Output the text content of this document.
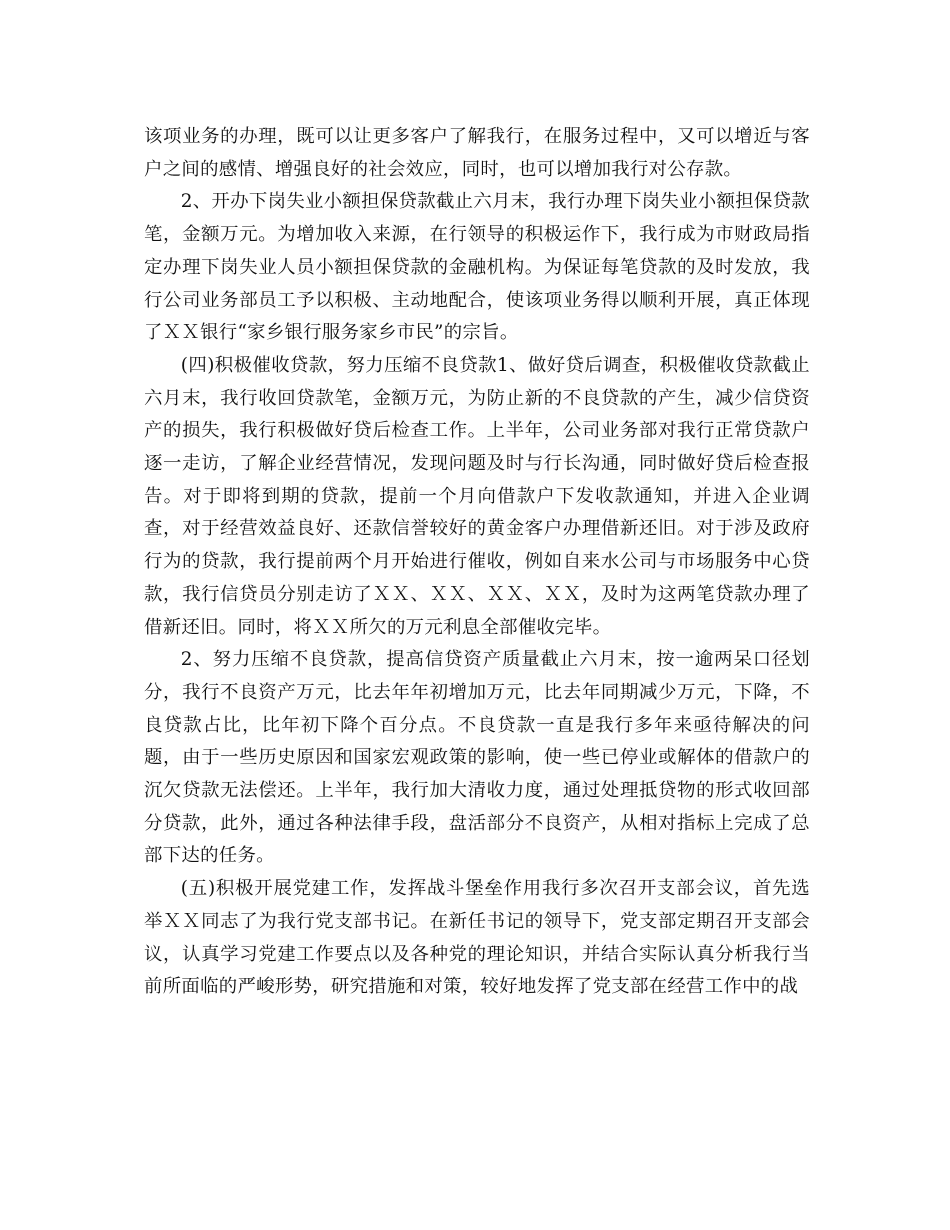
该项业务的办理，既可以让更多客户了解我行，在服务过程中，又可以增近与客户之间的感情、增强良好的社会效应，同时，也可以增加我行对公存款。

2、开办下岗失业小额担保贷款截止六月末，我行办理下岗失业小额担保贷款笔，金额万元。为增加收入来源，在行领导的积极运作下，我行成为市财政局指定办理下岗失业人员小额担保贷款的金融机构。为保证每笔贷款的及时发放，我行公司业务部员工予以积极、主动地配合，使该项业务得以顺利开展，真正体现了ＸＸ银行“家乡银行服务家乡市民”的宗旨。

(四)积极催收贷款，努力压缩不良贷款1、做好贷后调查，积极催收贷款截止六月末，我行收回贷款笔，金额万元，为防止新的不良贷款的产生，减少信贷资产的损失，我行积极做好贷后检查工作。上半年，公司业务部对我行正常贷款户逐一走访，了解企业经营情况，发现问题及时与行长沟通，同时做好贷后检查报告。对于即将到期的贷款，提前一个月向借款户下发收款通知，并进入企业调查，对于经营效益良好、还款信誉较好的黄金客户办理借新还旧。对于涉及政府行为的贷款，我行提前两个月开始进行催收，例如自来水公司与市场服务中心贷款，我行信贷员分别走访了ＸＸ、ＸＸ、ＸＸ、ＸＸ，及时为这两笔贷款办理了借新还旧。同时，将ＸＸ所欠的万元利息全部催收完毕。

2、努力压缩不良贷款，提高信贷资产质量截止六月末，按一逾两呆口径划分，我行不良资产万元，比去年年初增加万元，比去年同期减少万元，下降，不良贷款占比，比年初下降个百分点。不良贷款一直是我行多年来亟待解决的问题，由于一些历史原因和国家宏观政策的影响，使一些已停业或解体的借款户的沉欠贷款无法偿还。上半年，我行加大清收力度，通过处理抵贷物的形式收回部分贷款，此外，通过各种法律手段，盘活部分不良资产，从相对指标上完成了总部下达的任务。

(五)积极开展党建工作，发挥战斗堡垒作用我行多次召开支部会议，首先选举ＸＸ同志了为我行党支部书记。在新任书记的领导下，党支部定期召开支部会议，认真学习党建工作要点以及各种党的理论知识，并结合实际认真分析我行当前所面临的严峻形势，研究措施和对策，较好地发挥了党支部在经营工作中的战
